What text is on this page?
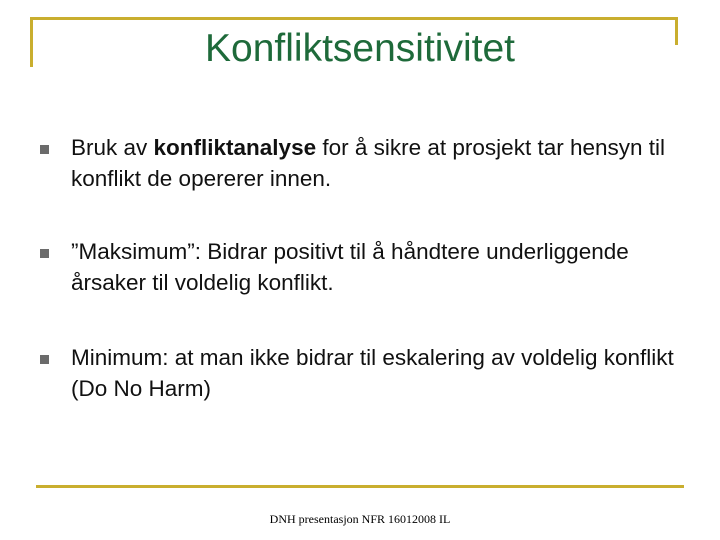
Konfliktsensitivitet
Bruk av konfliktanalyse for å sikre at prosjekt tar hensyn til konflikt de opererer innen.
”Maksimum”: Bidrar positivt til å håndtere underliggende årsaker til voldelig konflikt.
Minimum: at man ikke bidrar til eskalering av voldelig konflikt (Do No Harm)
DNH presentasjon NFR 16012008 IL
